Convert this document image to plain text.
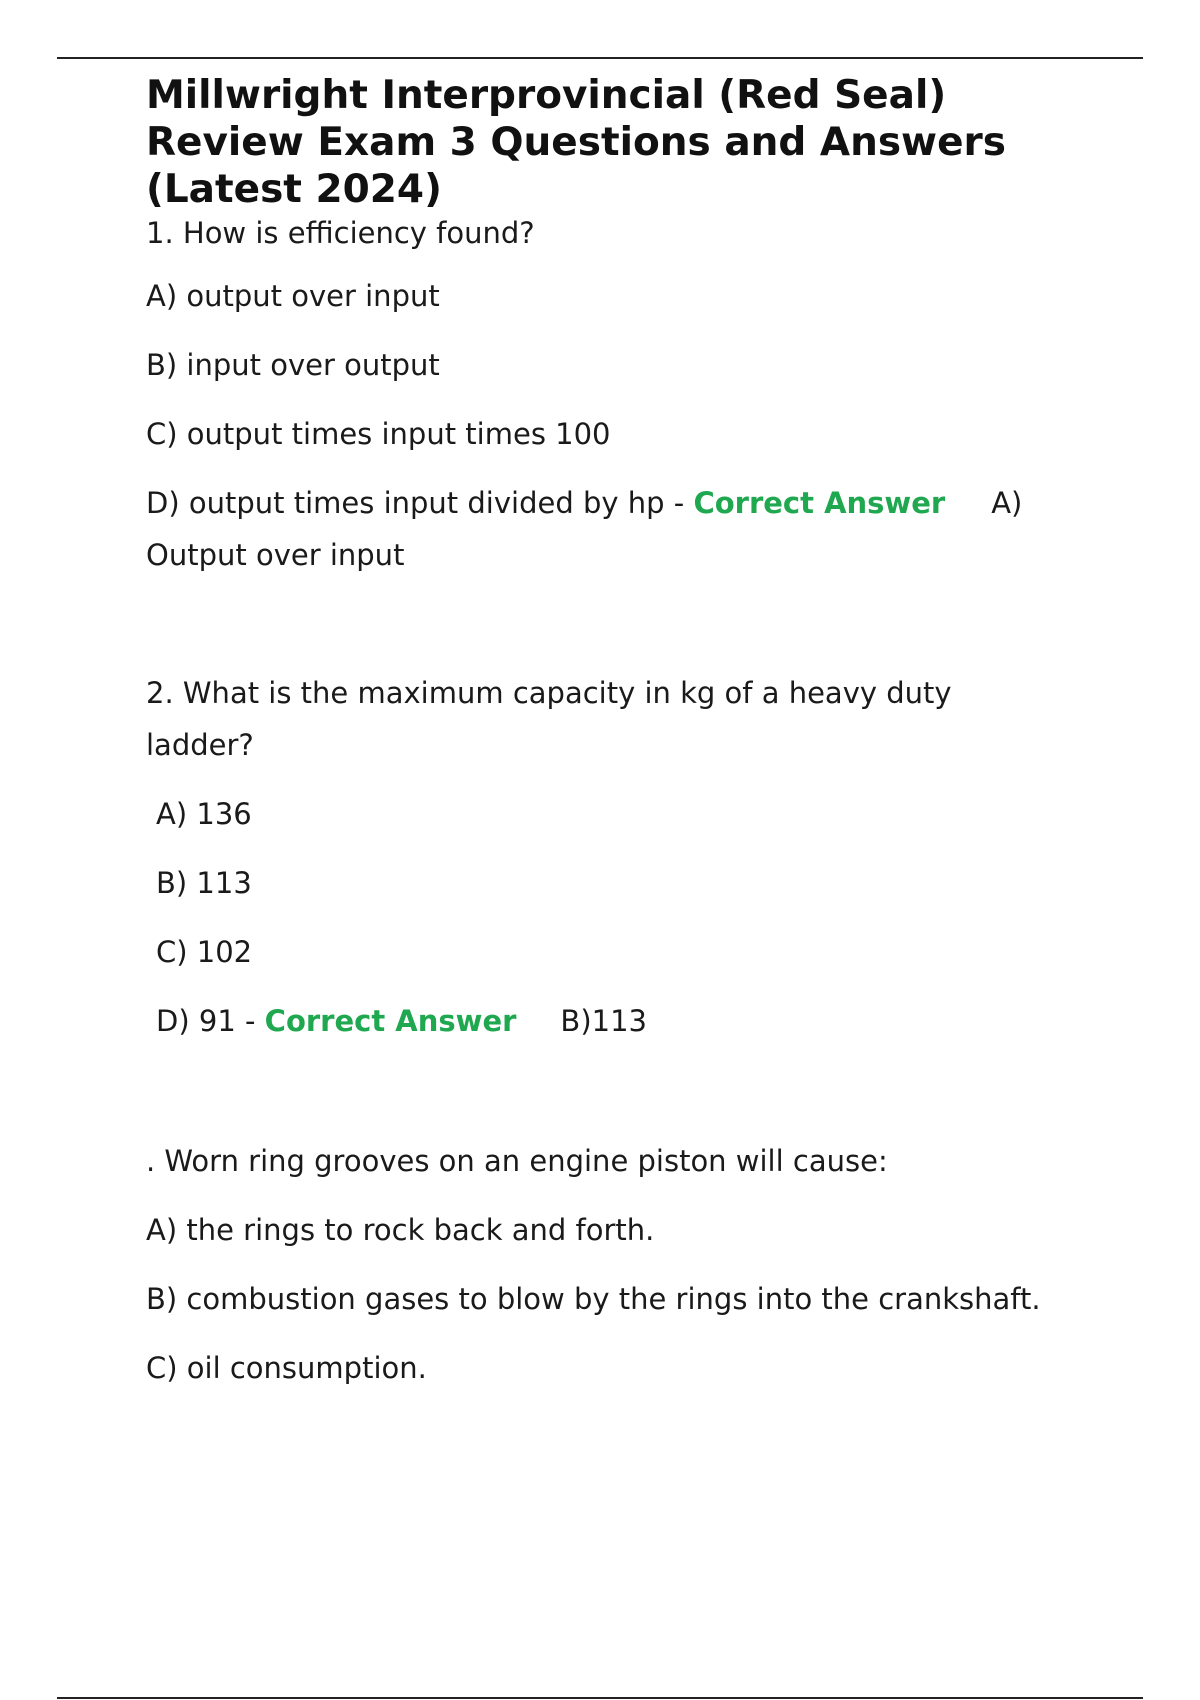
Millwright Interprovincial (Red Seal)
Review Exam 3 Questions and Answers
(Latest 2024)

1. How is efficiency found?

A) output over input

B) input over output

C) output times input times 100

D) output times input divided by hp - Correct Answer A)
Output over input

2. What is the maximum capacity in kg of a heavy duty
ladder?

A) 136

B) 113

C) 102

D) 91 - Correct Answer B)113

. Worn ring grooves on an engine piston will cause:

A) the rings to rock back and forth.

B) combustion gases to blow by the rings into the crankshaft.

C) oil consumption.
